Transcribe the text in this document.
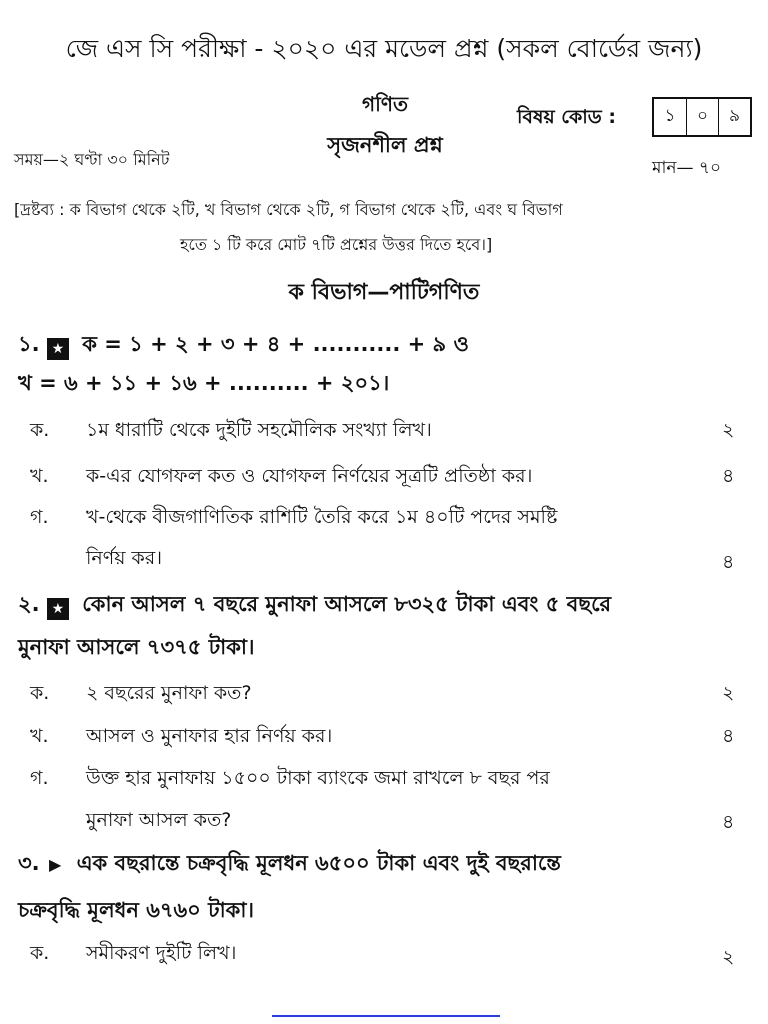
জে এস সি পরীক্ষা - ২০২০ এর মডেল প্রশ্ন (সকল বোর্ডের জন্য)
গণিত
সৃজনশীল প্রশ্ন
বিষয় কোড :	১	০	৯
সময়—২ ঘণ্টা ৩০ মিনিট	মান— ৭০
[দ্রষ্টব্য : ক বিভাগ থেকে ২টি, খ বিভাগ থেকে ২টি, গ বিভাগ থেকে ২টি, এবং ঘ বিভাগ
হতে ১ টি করে মোট ৭টি প্রশ্নের উত্তর দিতে হবে।]
ক বিভাগ—পাটিগণিত
১. ★ ক = ১ + ২ + ৩ + ৪ + ........... + ৯ ও
খ = ৬ + ১১ + ১৬ + .......... + ২০১।
ক. ১ম ধারাটি থেকে দুইটি সহমৌলিক সংখ্যা লিখ।	২
খ. ক-এর যোগফল কত ও যোগফল নির্ণয়ের সূত্রটি প্রতিষ্ঠা কর।	৪
গ. খ-থেকে বীজগাণিতিক রাশিটি তৈরি করে ১ম ৪০টি পদের সমষ্টি
নির্ণয় কর।	৪
২. ★ কোন আসল ৭ বছরে মুনাফা আসলে ৮৩২৫ টাকা এবং ৫ বছরে
মুনাফা আসলে ৭৩৭৫ টাকা।
ক. ২ বছরের মুনাফা কত?	২
খ. আসল ও মুনাফার হার নির্ণয় কর।	৪
গ. উক্ত হার মুনাফায় ১৫০০ টাকা ব্যাংকে জমা রাখলে ৮ বছর পর
মুনাফা আসল কত?	৪
৩. ▶ এক বছরান্তে চক্রবৃদ্ধি মূলধন ৬৫০০ টাকা এবং দুই বছরান্তে
চক্রবৃদ্ধি মূলধন ৬৭৬০ টাকা।
ক. সমীকরণ দুইটি লিখ।	২
